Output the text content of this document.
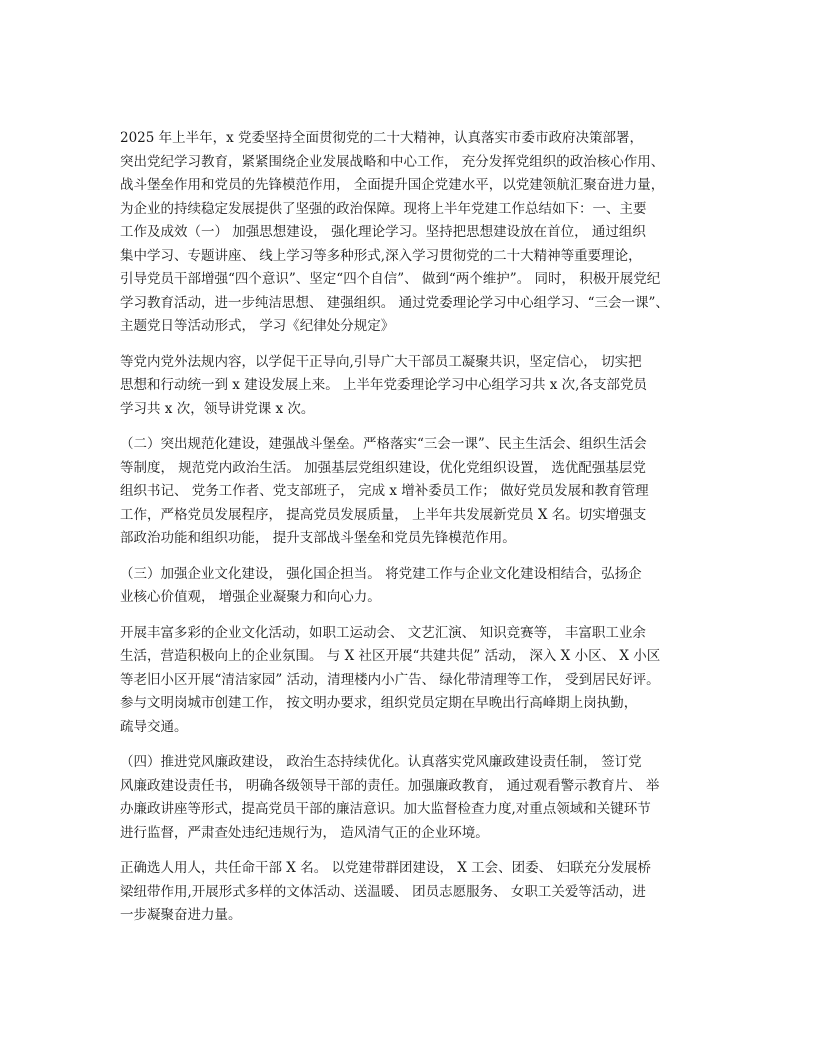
2025 年上半年，x 党委坚持全面贯彻党的二十大精神，认真落实市委市政府决策部署，
突出党纪学习教育，紧紧围绕企业发展战略和中心工作， 充分发挥党组织的政治核心作用、
战斗堡垒作用和党员的先锋模范作用， 全面提升国企党建水平，以党建领航汇聚奋进力量，
为企业的持续稳定发展提供了坚强的政治保障。现将上半年党建工作总结如下：一、主要
工作及成效（一） 加强思想建设， 强化理论学习。坚持把思想建设放在首位， 通过组织
集中学习、专题讲座、 线上学习等多种形式,深入学习贯彻党的二十大精神等重要理论，
引导党员干部增强“四个意识”、坚定“四个自信”、 做到“两个维护”。 同时， 积极开展党纪
学习教育活动，进一步纯洁思想、 建强组织。 通过党委理论学习中心组学习、“三会一课”、
主题党日等活动形式， 学习《纪律处分规定》

等党内党外法规内容，以学促干正导向,引导广大干部员工凝聚共识，坚定信心， 切实把
思想和行动统一到 x 建设发展上来。 上半年党委理论学习中心组学习共 x 次,各支部党员
学习共 x 次，领导讲党课 x 次。

（二）突出规范化建设，建强战斗堡垒。严格落实“三会一课”、民主生活会、组织生活会
等制度， 规范党内政治生活。 加强基层党组织建设，优化党组织设置， 选优配强基层党
组织书记、 党务工作者、党支部班子， 完成 x 增补委员工作； 做好党员发展和教育管理
工作，严格党员发展程序， 提高党员发展质量， 上半年共发展新党员 X 名。切实增强支
部政治功能和组织功能， 提升支部战斗堡垒和党员先锋模范作用。

（三）加强企业文化建设， 强化国企担当。 将党建工作与企业文化建设相结合，弘扬企
业核心价值观， 增强企业凝聚力和向心力。

开展丰富多彩的企业文化活动，如职工运动会、 文艺汇演、 知识竞赛等， 丰富职工业余
生活，营造积极向上的企业氛围。 与 X 社区开展“共建共促” 活动， 深入 X 小区、 X 小区
等老旧小区开展“清洁家园” 活动，清理楼内小广告、 绿化带清理等工作， 受到居民好评。
参与文明岗城市创建工作， 按文明办要求，组织党员定期在早晚出行高峰期上岗执勤，
疏导交通。

（四）推进党风廉政建设， 政治生态持续优化。认真落实党风廉政建设责任制， 签订党
风廉政建设责任书， 明确各级领导干部的责任。加强廉政教育， 通过观看警示教育片、 举
办廉政讲座等形式，提高党员干部的廉洁意识。加大监督检查力度,对重点领域和关键环节
进行监督，严肃查处违纪违规行为， 造风清气正的企业环境。

正确选人用人，共任命干部 X 名。 以党建带群团建设， X 工会、团委、 妇联充分发展桥
梁纽带作用,开展形式多样的文体活动、送温暖、 团员志愿服务、 女职工关爱等活动，进
一步凝聚奋进力量。
